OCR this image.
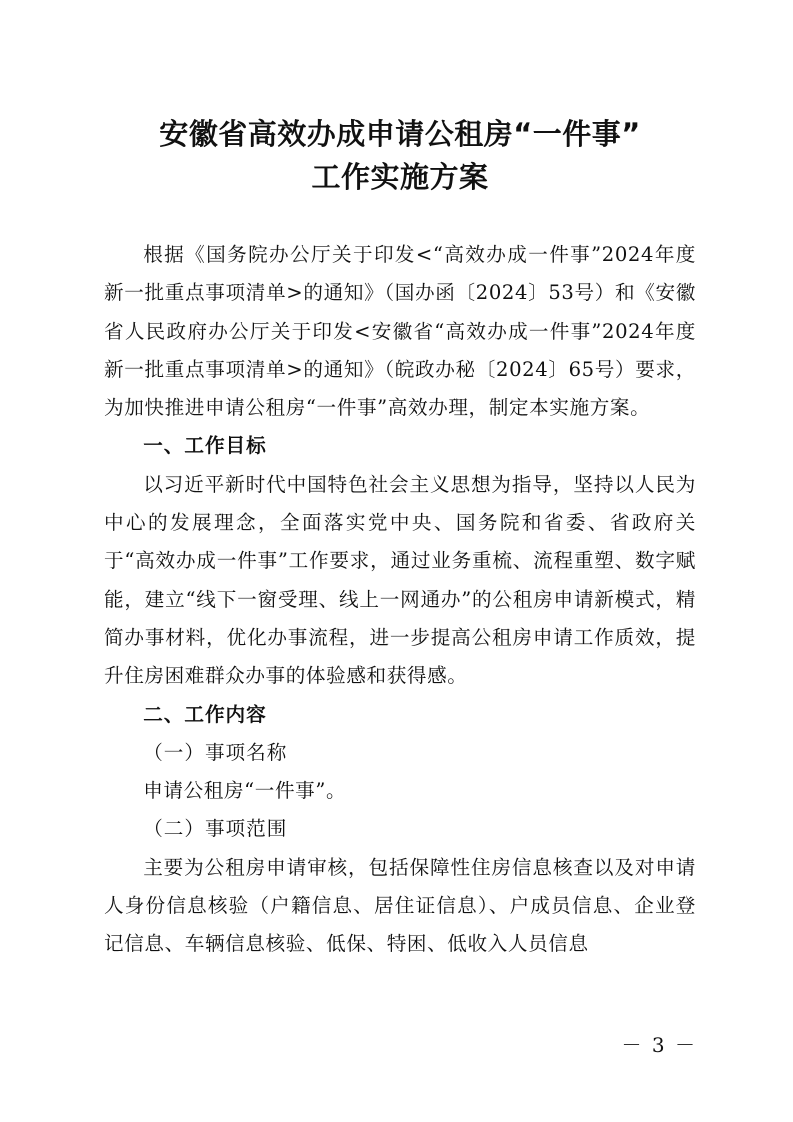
安徽省高效办成申请公租房“一件事”
工作实施方案

根据《国务院办公厅关于印发<“高效办成一件事”2024年度新一批重点事项清单>的通知》（国办函〔2024〕53号）和《安徽省人民政府办公厅关于印发<安徽省“高效办成一件事”2024年度新一批重点事项清单>的通知》（皖政办秘〔2024〕65号）要求，为加快推进申请公租房“一件事”高效办理，制定本实施方案。

一、工作目标

以习近平新时代中国特色社会主义思想为指导，坚持以人民为中心的发展理念，全面落实党中央、国务院和省委、省政府关于“高效办成一件事”工作要求，通过业务重梳、流程重塑、数字赋能，建立“线下一窗受理、线上一网通办”的公租房申请新模式，精简办事材料，优化办事流程，进一步提高公租房申请工作质效，提升住房困难群众办事的体验感和获得感。

二、工作内容

（一）事项名称

申请公租房“一件事”。

（二）事项范围

主要为公租房申请审核，包括保障性住房信息核查以及对申请人身份信息核验（户籍信息、居住证信息）、户成员信息、企业登记信息、车辆信息核验、低保、特困、低收入人员信息

－ 3 －
